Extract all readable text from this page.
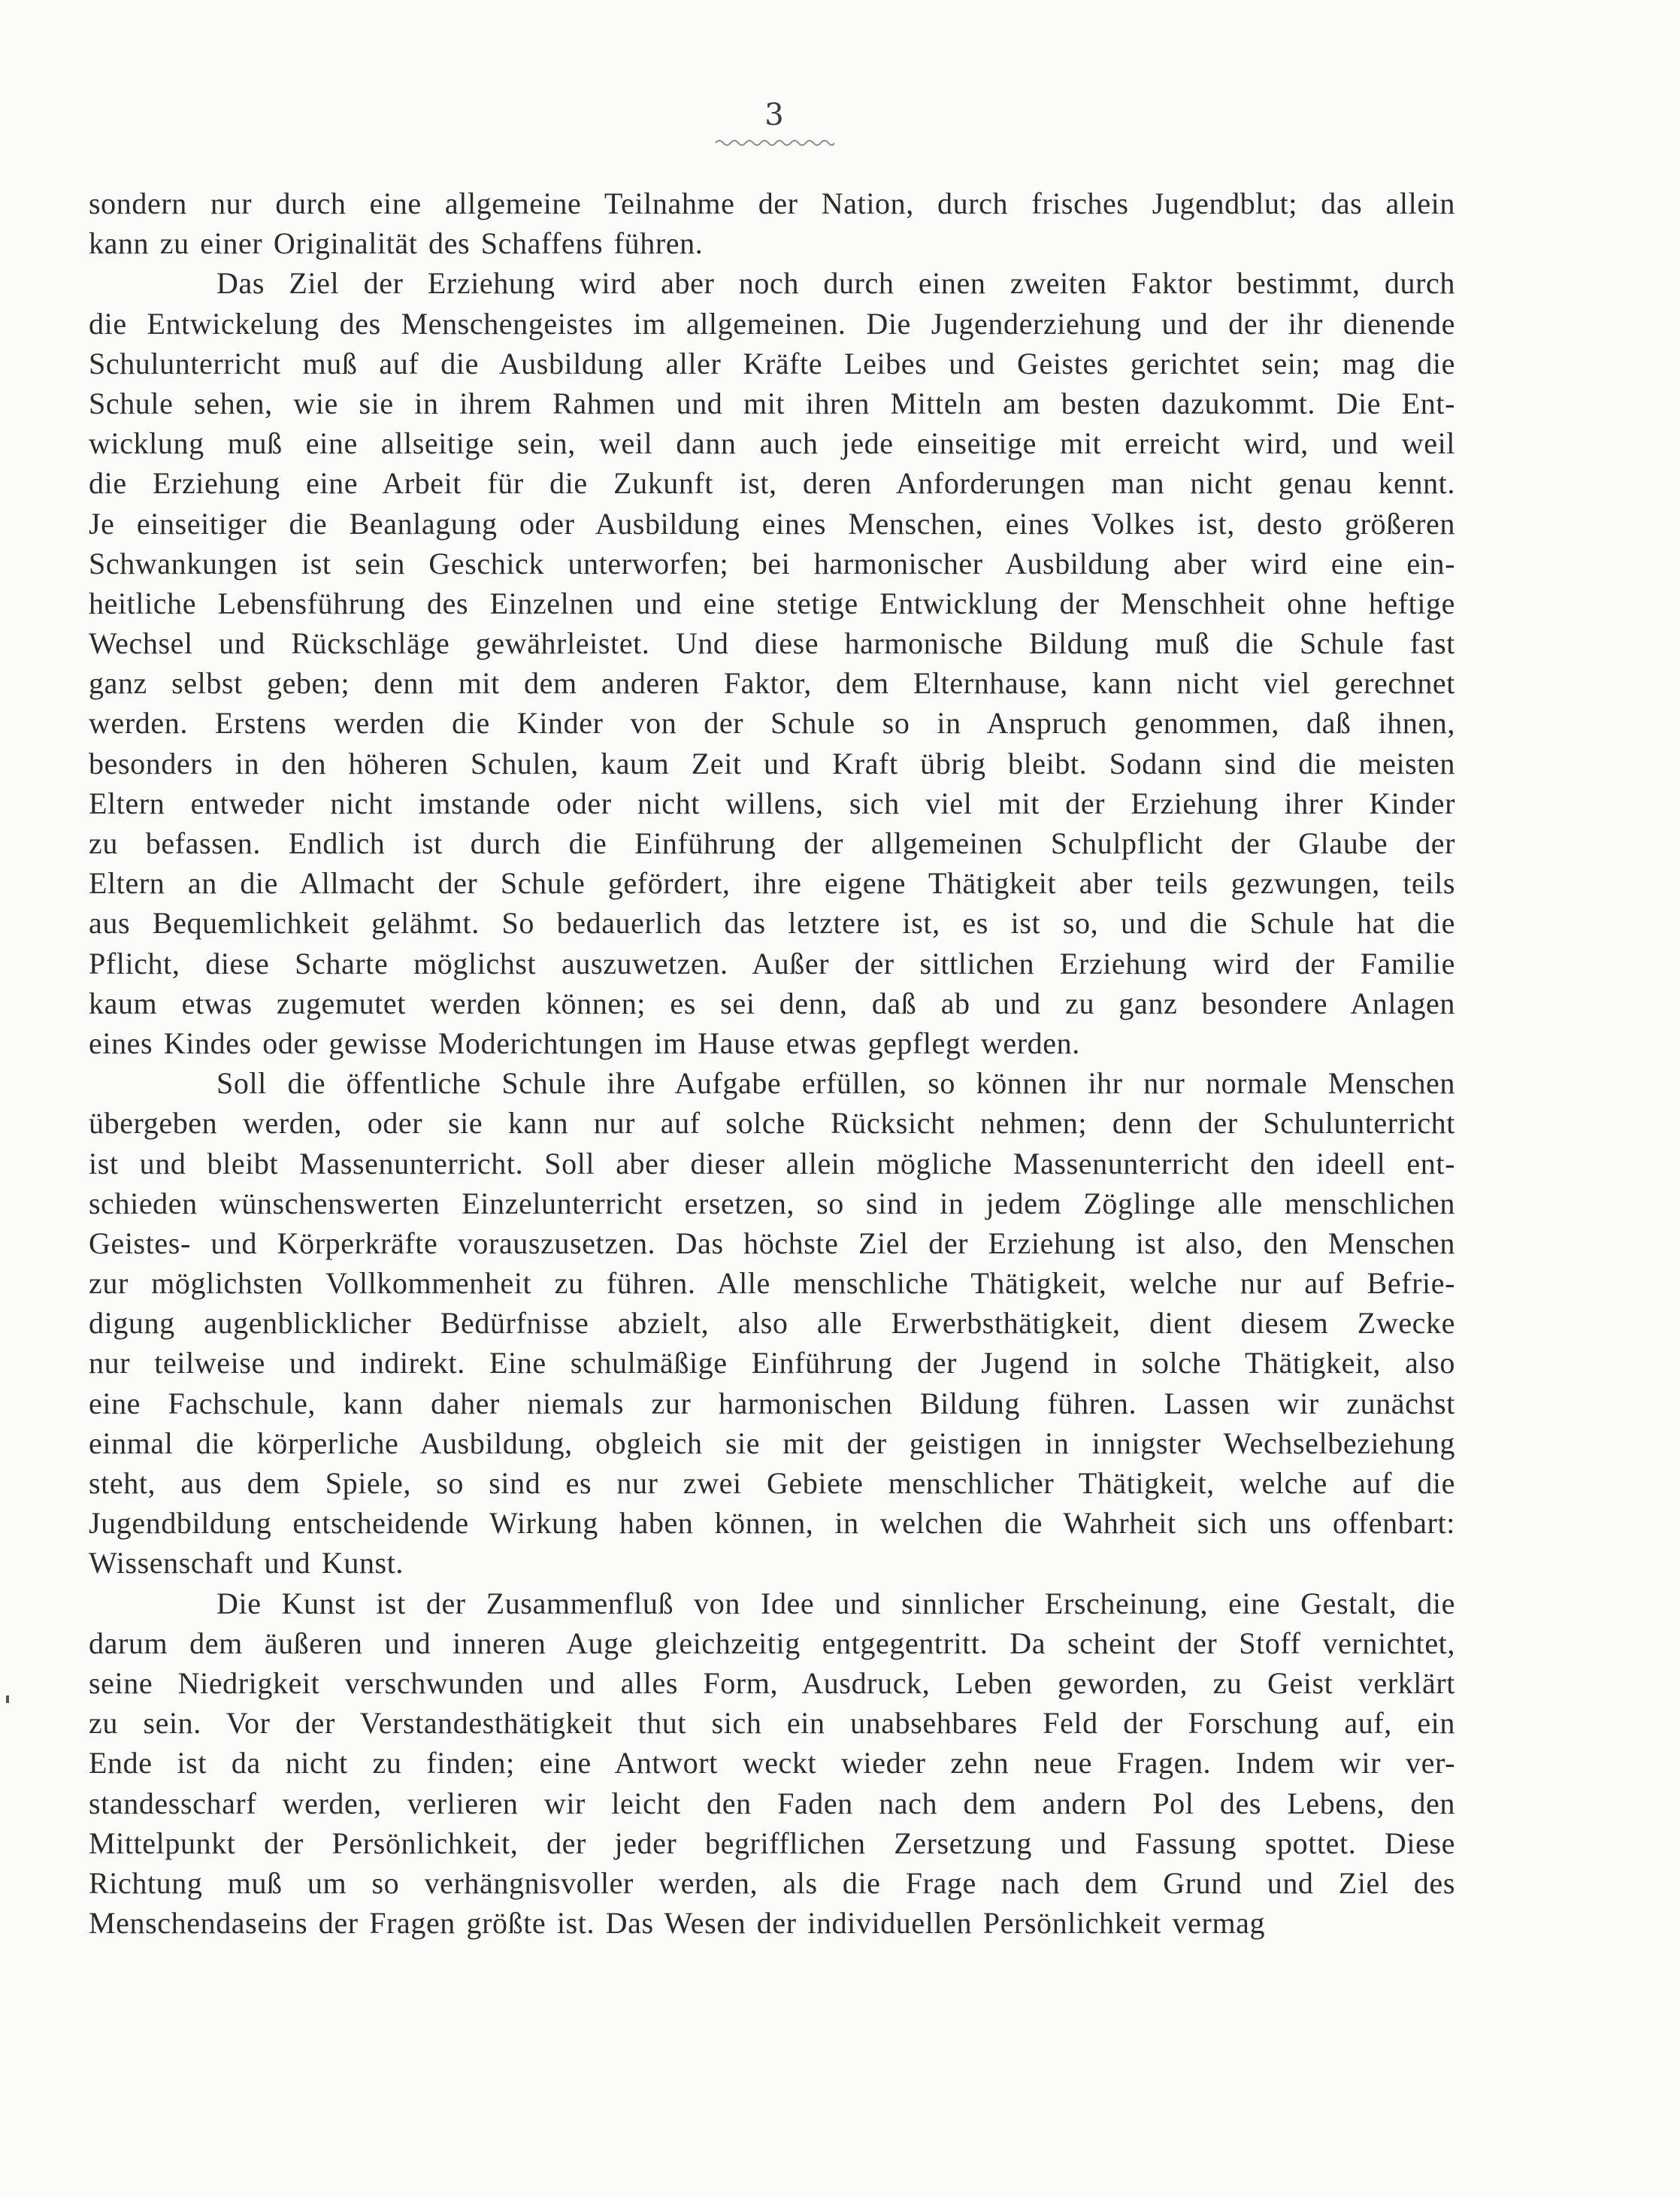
3
sondern nur durch eine allgemeine Teilnahme der Nation, durch frisches Jugendblut; das allein
kann zu einer Originalität des Schaffens führen.
Das Ziel der Erziehung wird aber noch durch einen zweiten Faktor bestimmt, durch
die Entwickelung des Menschengeistes im allgemeinen. Die Jugenderziehung und der ihr dienende
Schulunterricht muß auf die Ausbildung aller Kräfte Leibes und Geistes gerichtet sein; mag die
Schule sehen, wie sie in ihrem Rahmen und mit ihren Mitteln am besten dazukommt. Die Ent-
wicklung muß eine allseitige sein, weil dann auch jede einseitige mit erreicht wird, und weil
die Erziehung eine Arbeit für die Zukunft ist, deren Anforderungen man nicht genau kennt.
Je einseitiger die Beanlagung oder Ausbildung eines Menschen, eines Volkes ist, desto größeren
Schwankungen ist sein Geschick unterworfen; bei harmonischer Ausbildung aber wird eine ein-
heitliche Lebensführung des Einzelnen und eine stetige Entwicklung der Menschheit ohne heftige
Wechsel und Rückschläge gewährleistet. Und diese harmonische Bildung muß die Schule fast
ganz selbst geben; denn mit dem anderen Faktor, dem Elternhause, kann nicht viel gerechnet
werden. Erstens werden die Kinder von der Schule so in Anspruch genommen, daß ihnen,
besonders in den höheren Schulen, kaum Zeit und Kraft übrig bleibt. Sodann sind die meisten
Eltern entweder nicht imstande oder nicht willens, sich viel mit der Erziehung ihrer Kinder
zu befassen. Endlich ist durch die Einführung der allgemeinen Schulpflicht der Glaube der
Eltern an die Allmacht der Schule gefördert, ihre eigene Thätigkeit aber teils gezwungen, teils
aus Bequemlichkeit gelähmt. So bedauerlich das letztere ist, es ist so, und die Schule hat die
Pflicht, diese Scharte möglichst auszuwetzen. Außer der sittlichen Erziehung wird der Familie
kaum etwas zugemutet werden können; es sei denn, daß ab und zu ganz besondere Anlagen
eines Kindes oder gewisse Moderichtungen im Hause etwas gepflegt werden.
Soll die öffentliche Schule ihre Aufgabe erfüllen, so können ihr nur normale Menschen
übergeben werden, oder sie kann nur auf solche Rücksicht nehmen; denn der Schulunterricht
ist und bleibt Massenunterricht. Soll aber dieser allein mögliche Massenunterricht den ideell ent-
schieden wünschenswerten Einzelunterricht ersetzen, so sind in jedem Zöglinge alle menschlichen
Geistes- und Körperkräfte vorauszusetzen. Das höchste Ziel der Erziehung ist also, den Menschen
zur möglichsten Vollkommenheit zu führen. Alle menschliche Thätigkeit, welche nur auf Befrie-
digung augenblicklicher Bedürfnisse abzielt, also alle Erwerbsthätigkeit, dient diesem Zwecke
nur teilweise und indirekt. Eine schulmäßige Einführung der Jugend in solche Thätigkeit, also
eine Fachschule, kann daher niemals zur harmonischen Bildung führen. Lassen wir zunächst
einmal die körperliche Ausbildung, obgleich sie mit der geistigen in innigster Wechselbeziehung
steht, aus dem Spiele, so sind es nur zwei Gebiete menschlicher Thätigkeit, welche auf die
Jugendbildung entscheidende Wirkung haben können, in welchen die Wahrheit sich uns offenbart:
Wissenschaft und Kunst.
Die Kunst ist der Zusammenfluß von Idee und sinnlicher Erscheinung, eine Gestalt, die
darum dem äußeren und inneren Auge gleichzeitig entgegentritt. Da scheint der Stoff vernichtet,
seine Niedrigkeit verschwunden und alles Form, Ausdruck, Leben geworden, zu Geist verklärt
zu sein. Vor der Verstandesthätigkeit thut sich ein unabsehbares Feld der Forschung auf, ein
Ende ist da nicht zu finden; eine Antwort weckt wieder zehn neue Fragen. Indem wir ver-
standesscharf werden, verlieren wir leicht den Faden nach dem andern Pol des Lebens, den
Mittelpunkt der Persönlichkeit, der jeder begrifflichen Zersetzung und Fassung spottet. Diese
Richtung muß um so verhängnisvoller werden, als die Frage nach dem Grund und Ziel des
Menschendaseins der Fragen größte ist. Das Wesen der individuellen Persönlichkeit vermag
